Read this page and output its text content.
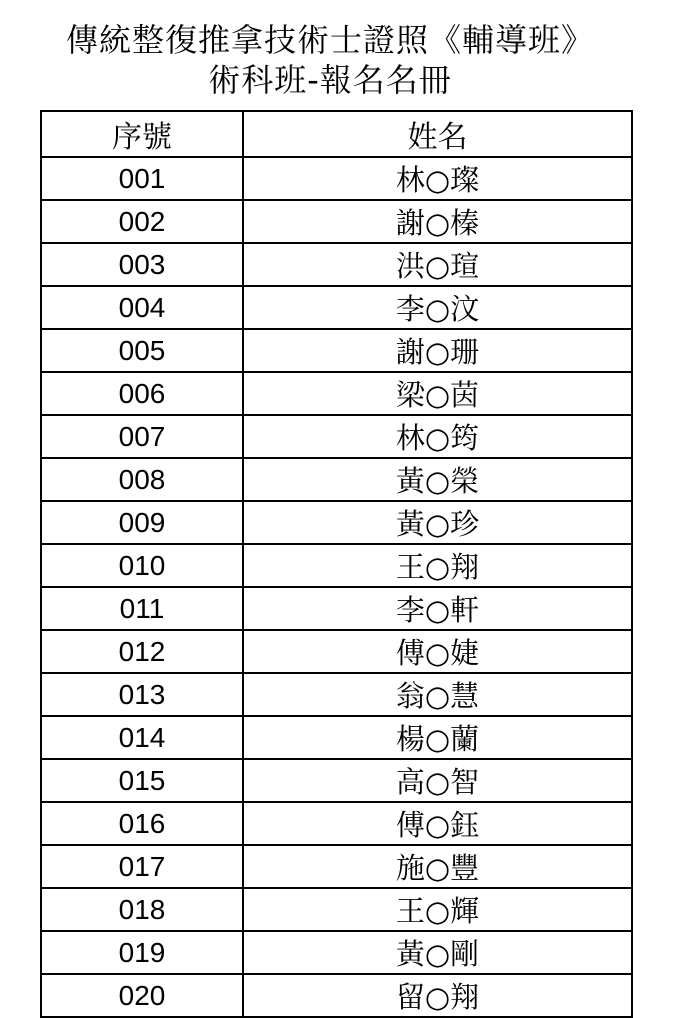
傳統整復推拿技術士證照《輔導班》
術科班-報名名冊
序號	姓名
001	林○璨
002	謝○榛
003	洪○瑄
004	李○汶
005	謝○珊
006	梁○茵
007	林○筠
008	黃○榮
009	黃○珍
010	王○翔
011	李○軒
012	傅○婕
013	翁○慧
014	楊○蘭
015	高○智
016	傅○鈺
017	施○豐
018	王○輝
019	黃○剛
020	留○翔
